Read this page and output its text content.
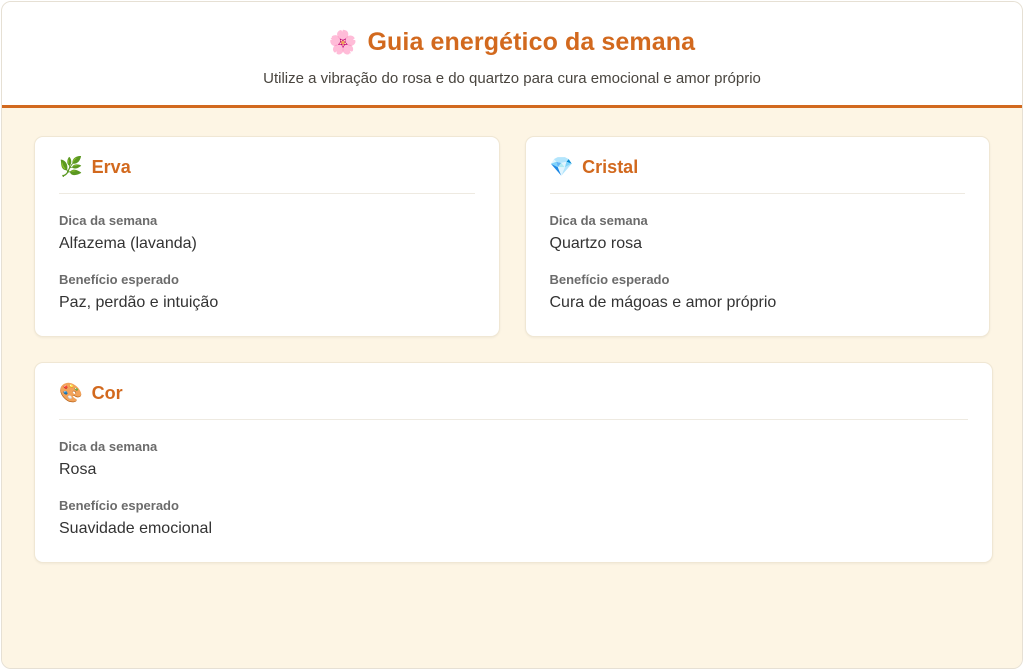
🌸 Guia energético da semana
Utilize a vibração do rosa e do quartzo para cura emocional e amor próprio
🌿 Erva
Dica da semana
Alfazema (lavanda)
Benefício esperado
Paz, perdão e intuição
💎 Cristal
Dica da semana
Quartzo rosa
Benefício esperado
Cura de mágoas e amor próprio
🎨 Cor
Dica da semana
Rosa
Benefício esperado
Suavidade emocional
